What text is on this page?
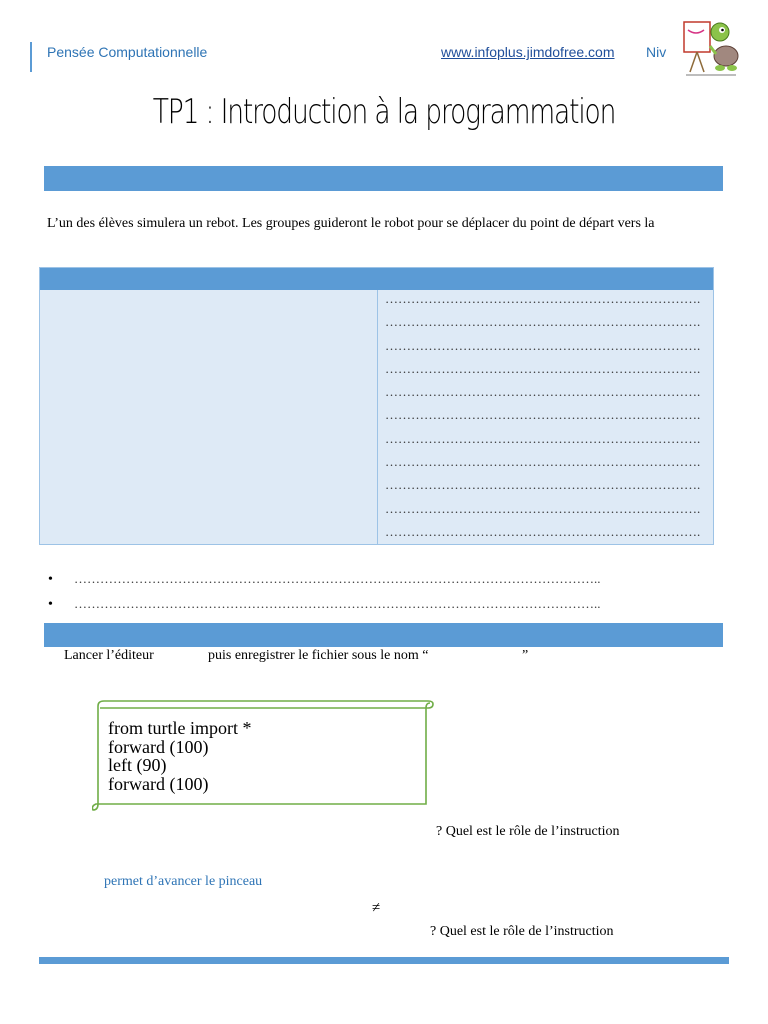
Pensée Computationnelle	www.infoplus.jimdofree.com Niv
TP1 : Introduction à la programmation
L’un des élèves simulera un rebot. Les groupes guideront le robot pour se déplacer du point de départ vers la
……………………………………………………………….
……………………………………………………………….
……………………………………………………………….
……………………………………………………………….
……………………………………………………………….
……………………………………………………………….
……………………………………………………………….
……………………………………………………………….
……………………………………………………………….
……………………………………………………………….
……………………………………………………………….
• …………………………………………………………………………………………………………..
• …………………………………………………………………………………………………………..
Lancer l’éditeur	puis enregistrer le fichier sous le nom “	”
from turtle import *
forward (100)
left (90)
forward (100)
? Quel est le rôle de l’instruction
permet d’avancer le pinceau
≠
? Quel est le rôle de l’instruction
